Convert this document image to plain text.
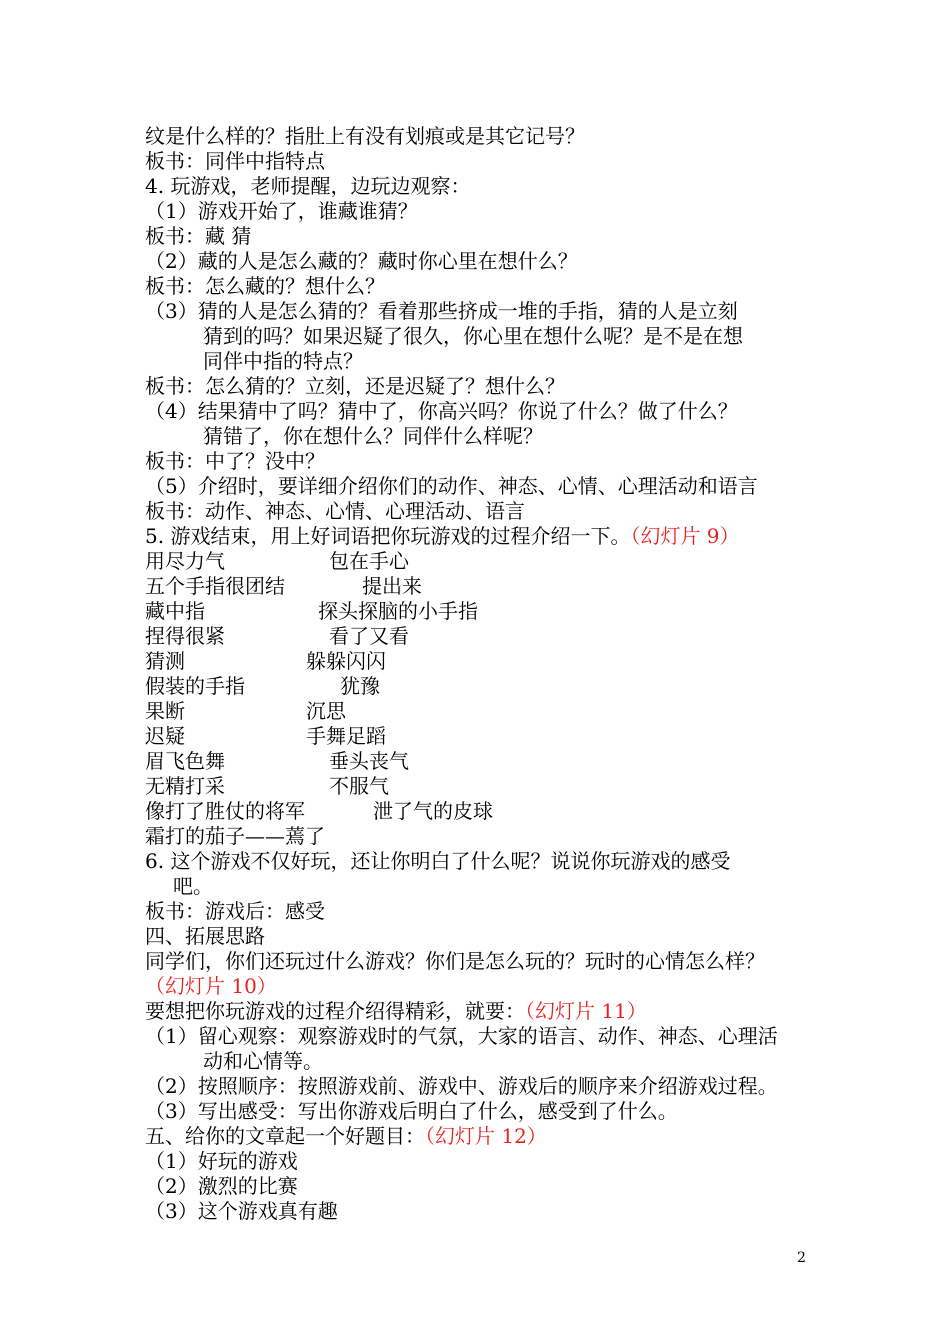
纹是什么样的？指肚上有没有划痕或是其它记号？
板书：同伴中指特点
4. 玩游戏，老师提醒，边玩边观察：
（1）游戏开始了，谁藏谁猜？
板书：藏 猜
（2）藏的人是怎么藏的？藏时你心里在想什么？
板书：怎么藏的？想什么？
（3）猜的人是怎么猜的？看着那些挤成一堆的手指，猜的人是立刻
猜到的吗？如果迟疑了很久，你心里在想什么呢？是不是在想
同伴中指的特点？
板书：怎么猜的？立刻，还是迟疑了？想什么？
（4）结果猜中了吗？猜中了，你高兴吗？你说了什么？做了什么？
猜错了，你在想什么？同伴什么样呢？
板书：中了？没中？
（5）介绍时，要详细介绍你们的动作、神态、心情、心理活动和语言
板书：动作、神态、心情、心理活动、语言
5. 游戏结束，用上好词语把你玩游戏的过程介绍一下。（幻灯片 9）
用尽力气	包在手心
五个手指很团结	提出来
藏中指	探头探脑的小手指
捏得很紧	看了又看
猜测	躲躲闪闪
假装的手指	犹豫
果断	沉思
迟疑	手舞足蹈
眉飞色舞	垂头丧气
无精打采	不服气
像打了胜仗的将军	泄了气的皮球
霜打的茄子——蔫了
6. 这个游戏不仅好玩，还让你明白了什么呢？说说你玩游戏的感受
吧。
板书：游戏后：感受
四、拓展思路
同学们，你们还玩过什么游戏？你们是怎么玩的？玩时的心情怎么样？
（幻灯片 10）
要想把你玩游戏的过程介绍得精彩，就要：（幻灯片 11）
（1）留心观察：观察游戏时的气氛，大家的语言、动作、神态、心理活
动和心情等。
（2）按照顺序：按照游戏前、游戏中、游戏后的顺序来介绍游戏过程。
（3）写出感受：写出你游戏后明白了什么，感受到了什么。
五、给你的文章起一个好题目：（幻灯片 12）
（1）好玩的游戏
（2）激烈的比赛
（3）这个游戏真有趣
2
